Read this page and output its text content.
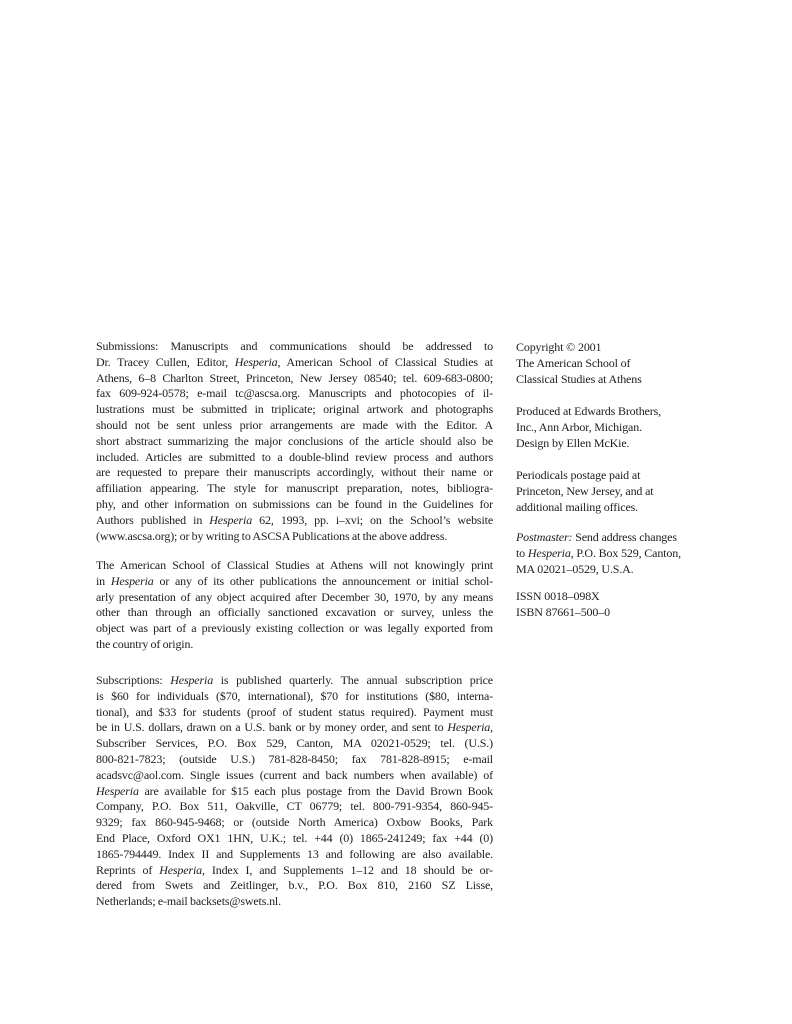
Submissions: Manuscripts and communications should be addressed to
Dr. Tracey Cullen, Editor, Hesperia, American School of Classical Studies at
Athens, 6–8 Charlton Street, Princeton, New Jersey 08540; tel. 609-683-0800;
fax 609-924-0578; e-mail tc@ascsa.org. Manuscripts and photocopies of il-
lustrations must be submitted in triplicate; original artwork and photographs
should not be sent unless prior arrangements are made with the Editor. A
short abstract summarizing the major conclusions of the article should also be
included. Articles are submitted to a double-blind review process and authors
are requested to prepare their manuscripts accordingly, without their name or
affiliation appearing. The style for manuscript preparation, notes, bibliogra-
phy, and other information on submissions can be found in the Guidelines for
Authors published in Hesperia 62, 1993, pp. i–xvi; on the School’s website
(www.ascsa.org); or by writing to ASCSA Publications at the above address.
The American School of Classical Studies at Athens will not knowingly print
in Hesperia or any of its other publications the announcement or initial schol-
arly presentation of any object acquired after December 30, 1970, by any means
other than through an officially sanctioned excavation or survey, unless the
object was part of a previously existing collection or was legally exported from
the country of origin.
Subscriptions: Hesperia is published quarterly. The annual subscription price
is $60 for individuals ($70, international), $70 for institutions ($80, interna-
tional), and $33 for students (proof of student status required). Payment must
be in U.S. dollars, drawn on a U.S. bank or by money order, and sent to Hesperia,
Subscriber Services, P.O. Box 529, Canton, MA 02021-0529; tel. (U.S.)
800-821-7823; (outside U.S.) 781-828-8450; fax 781-828-8915; e-mail
acadsvc@aol.com. Single issues (current and back numbers when available) of
Hesperia are available for $15 each plus postage from the David Brown Book
Company, P.O. Box 511, Oakville, CT 06779; tel. 800-791-9354, 860-945-
9329; fax 860-945-9468; or (outside North America) Oxbow Books, Park
End Place, Oxford OX1 1HN, U.K.; tel. +44 (0) 1865-241249; fax +44 (0)
1865-794449. Index II and Supplements 13 and following are also available.
Reprints of Hesperia, Index I, and Supplements 1–12 and 18 should be or-
dered from Swets and Zeitlinger, b.v., P.O. Box 810, 2160 SZ Lisse,
Netherlands; e-mail backsets@swets.nl.
Copyright © 2001
The American School of
Classical Studies at Athens
Produced at Edwards Brothers,
Inc., Ann Arbor, Michigan.
Design by Ellen McKie.
Periodicals postage paid at
Princeton, New Jersey, and at
additional mailing offices.
Postmaster: Send address changes
to Hesperia, P.O. Box 529, Canton,
MA 02021–0529, U.S.A.
ISSN 0018–098X
ISBN 87661–500–0
